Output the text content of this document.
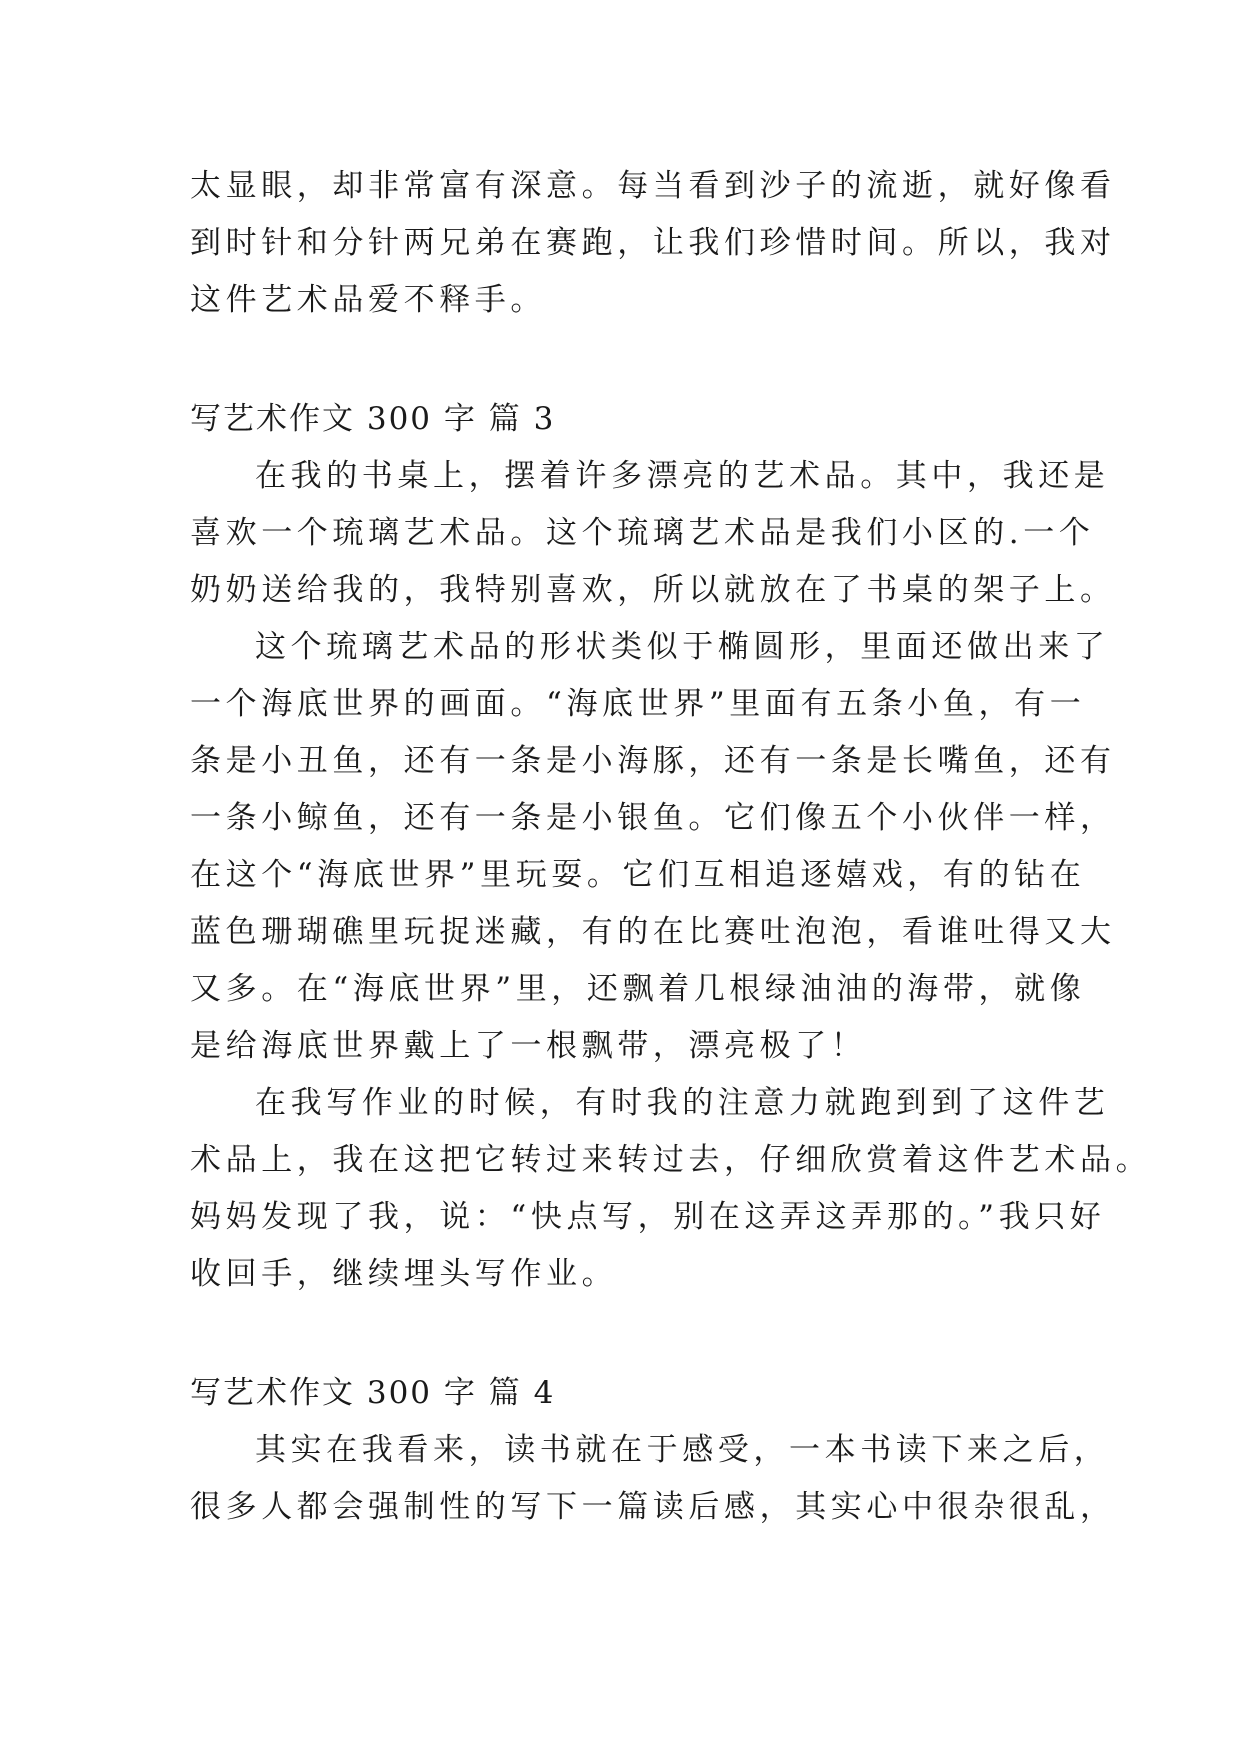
太显眼，却非常富有深意。每当看到沙子的流逝，就好像看
到时针和分针两兄弟在赛跑，让我们珍惜时间。所以，我对
这件艺术品爱不释手。
写艺术作文 300 字 篇 3
在我的书桌上，摆着许多漂亮的艺术品。其中，我还是
喜欢一个琉璃艺术品。这个琉璃艺术品是我们小区的.一个
奶奶送给我的，我特别喜欢，所以就放在了书桌的架子上。
这个琉璃艺术品的形状类似于椭圆形，里面还做出来了
一个海底世界的画面。“海底世界”里面有五条小鱼，有一
条是小丑鱼，还有一条是小海豚，还有一条是长嘴鱼，还有
一条小鲸鱼，还有一条是小银鱼。它们像五个小伙伴一样，
在这个“海底世界”里玩耍。它们互相追逐嬉戏，有的钻在
蓝色珊瑚礁里玩捉迷藏，有的在比赛吐泡泡，看谁吐得又大
又多。在“海底世界”里，还飘着几根绿油油的海带，就像
是给海底世界戴上了一根飘带，漂亮极了！
在我写作业的时候，有时我的注意力就跑到到了这件艺
术品上，我在这把它转过来转过去，仔细欣赏着这件艺术品。
妈妈发现了我，说：“快点写，别在这弄这弄那的。”我只好
收回手，继续埋头写作业。
写艺术作文 300 字 篇 4
其实在我看来，读书就在于感受，一本书读下来之后，
很多人都会强制性的写下一篇读后感，其实心中很杂很乱，
